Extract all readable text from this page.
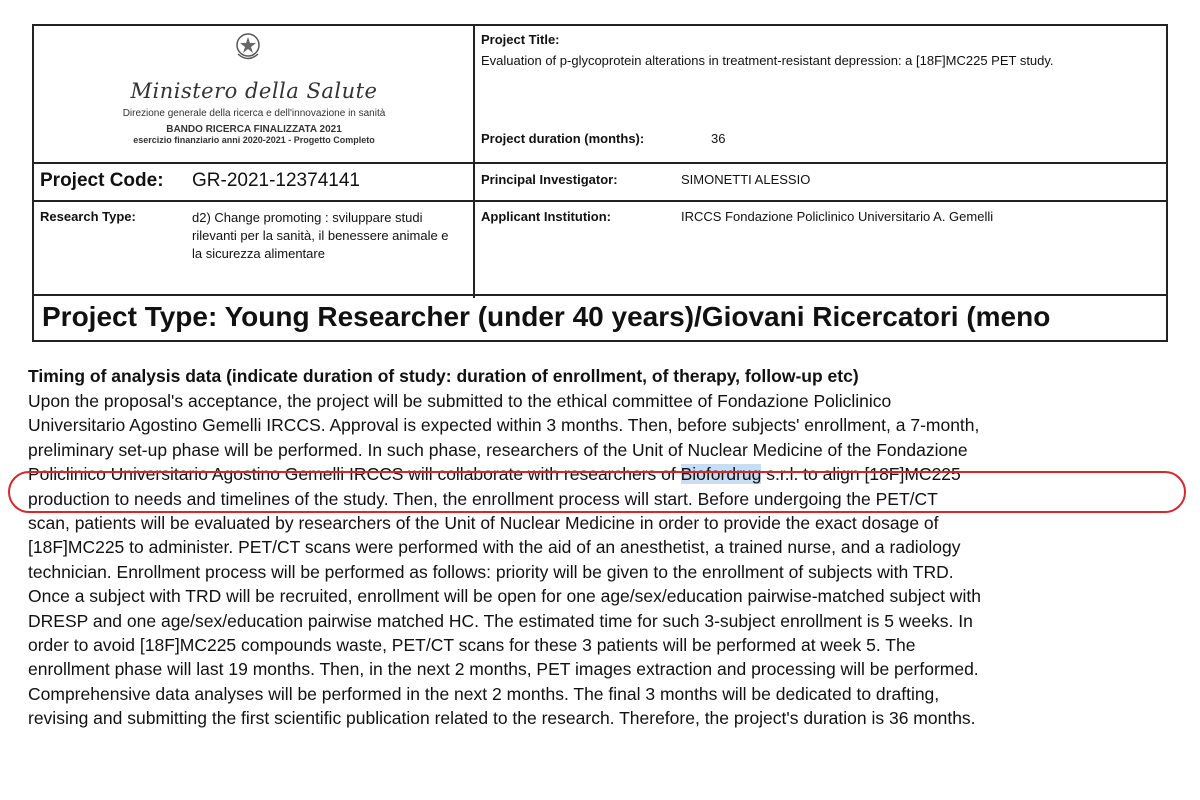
Ministero della Salute
Direzione generale della ricerca e dell'innovazione in sanità
BANDO RICERCA FINALIZZATA 2021
esercizio finanziario anni 2020-2021 - Progetto Completo
Project Title:
Evaluation of p-glycoprotein alterations in treatment-resistant depression: a [18F]MC225 PET study.
Project duration (months):	36
Project Code: GR-2021-12374141	Principal Investigator:	SIMONETTI ALESSIO
Research Type:	d2) Change promoting : sviluppare studi rilevanti per la sanità, il benessere animale e la sicurezza alimentare
Applicant Institution:	IRCCS Fondazione Policlinico Universitario A. Gemelli
Project Type: Young Researcher (under 40 years)/Giovani Ricercatori (meno
Timing of analysis data (indicate duration of study: duration of enrollment, of therapy, follow-up etc)
Upon the proposal's acceptance, the project will be submitted to the ethical committee of Fondazione Policlinico
Universitario Agostino Gemelli IRCCS. Approval is expected within 3 months. Then, before subjects' enrollment, a 7-month,
preliminary set-up phase will be performed. In such phase, researchers of the Unit of Nuclear Medicine of the Fondazione
Policlinico Universitario Agostino Gemelli IRCCS will collaborate with researchers of Biofordrug s.r.l. to align [18F]MC225
production to needs and timelines of the study. Then, the enrollment process will start. Before undergoing the PET/CT
scan, patients will be evaluated by researchers of the Unit of Nuclear Medicine in order to provide the exact dosage of
[18F]MC225 to administer. PET/CT scans were performed with the aid of an anesthetist, a trained nurse, and a radiology
technician. Enrollment process will be performed as follows: priority will be given to the enrollment of subjects with TRD.
Once a subject with TRD will be recruited, enrollment will be open for one age/sex/education pairwise-matched subject with
DRESP and one age/sex/education pairwise matched HC. The estimated time for such 3-subject enrollment is 5 weeks. In
order to avoid [18F]MC225 compounds waste, PET/CT scans for these 3 patients will be performed at week 5. The
enrollment phase will last 19 months. Then, in the next 2 months, PET images extraction and processing will be performed.
Comprehensive data analyses will be performed in the next 2 months. The final 3 months will be dedicated to drafting,
revising and submitting the first scientific publication related to the research. Therefore, the project's duration is 36 months.
